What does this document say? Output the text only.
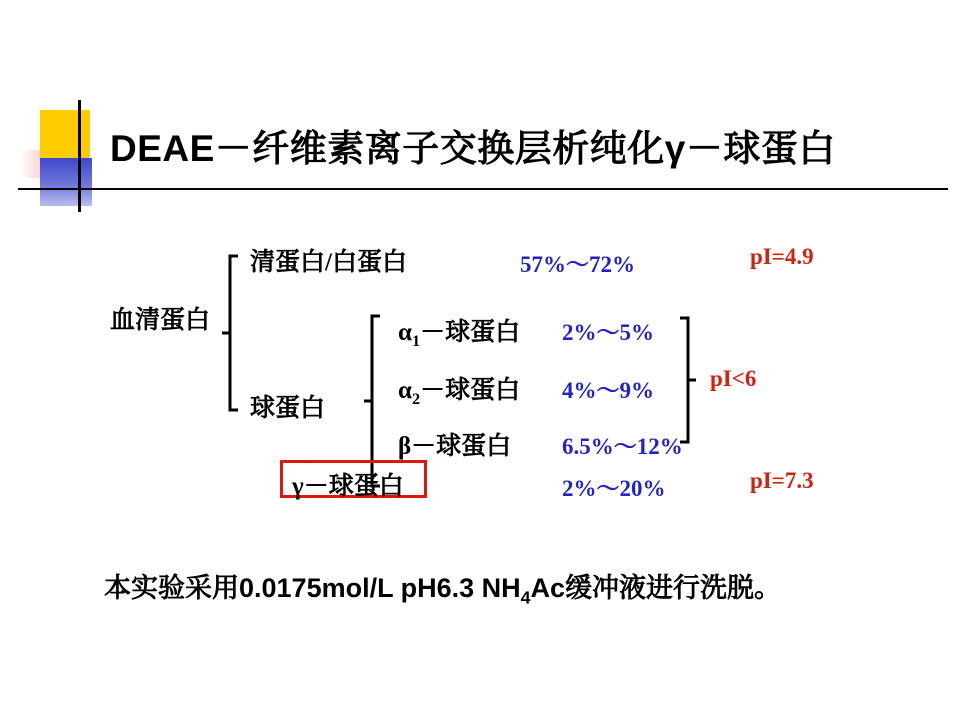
DEAE－纤维素离子交换层析纯化γ－球蛋白
血清蛋白
清蛋白/白蛋白	57%～72%	pI=4.9
球蛋白
$\alpha_1-$球蛋白 2%～5%
$\alpha_2-$球蛋白 4%～9%
β－球蛋白 6.5%～12%
pI<6
γ－球蛋白	2%～20%	pI=7.3
本实验采用0.0175mol/L pH6.3 $NH_4Ac$缓冲液进行洗脱。
